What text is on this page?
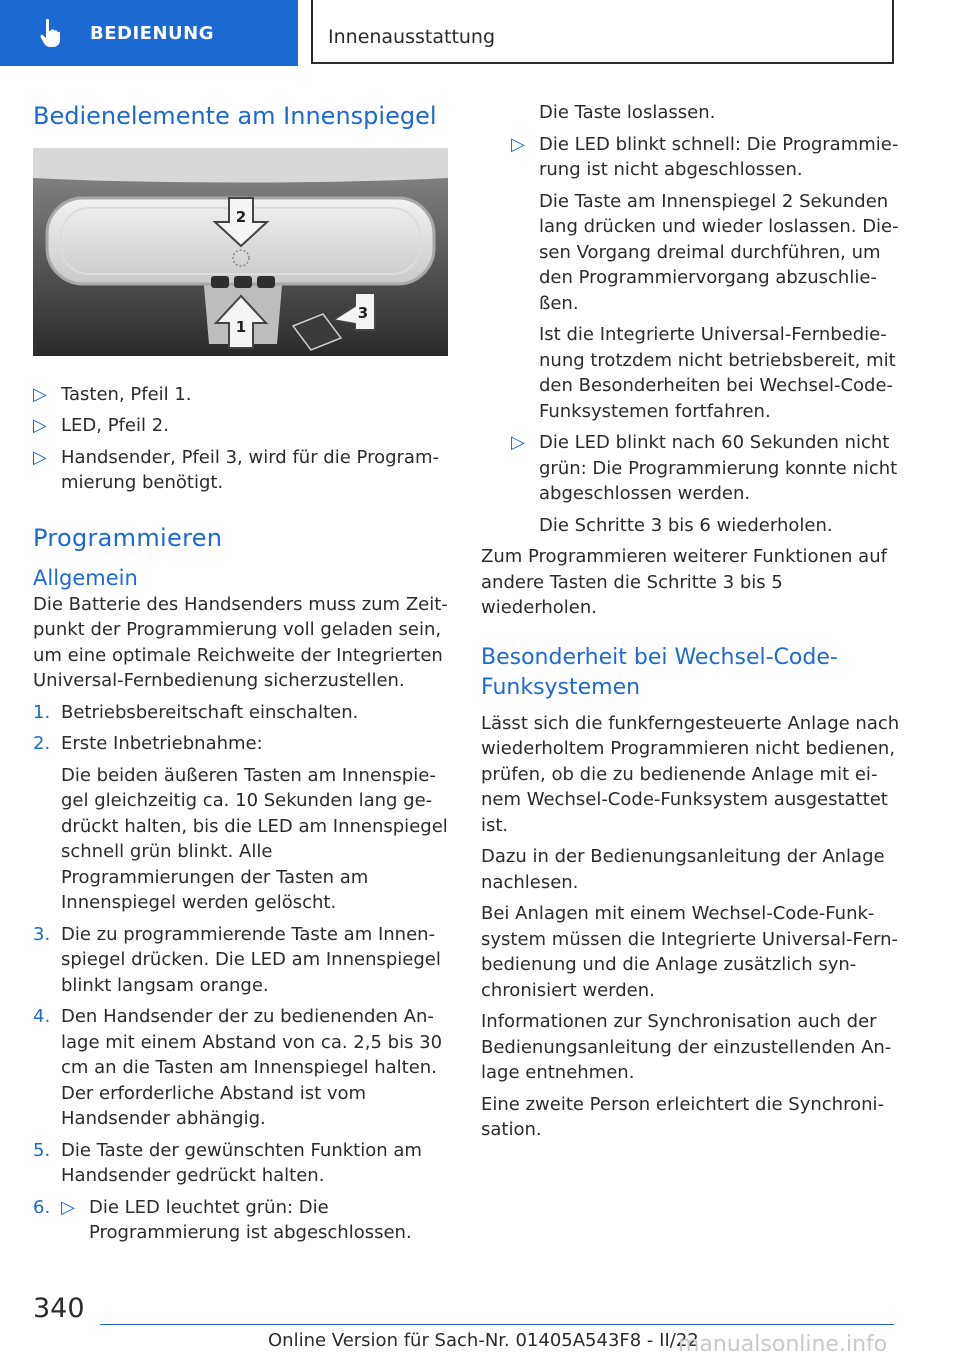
BEDIENUNG	Innenausstattung
Bedienelemente am Innenspiegel
2
1
3
▷ Tasten, Pfeil 1.
▷ LED, Pfeil 2.
▷ Handsender, Pfeil 3, wird für die Programmierung benötigt.
Programmieren
Allgemein

Die Batterie des Handsenders muss zum Zeitpunkt der Programmierung voll geladen sein, um eine optimale Reichweite der Integrierten Universal-Fernbedienung sicherzustellen.

1. Betriebsbereitschaft einschalten.
2. Erste Inbetriebnahme:

Die beiden äußeren Tasten am Innenspiegel gleichzeitig ca. 10 Sekunden lang gedrückt halten, bis die LED am Innenspiegel schnell grün blinkt. Alle Programmierungen der Tasten am Innenspiegel werden gelöscht.

3. Die zu programmierende Taste am Innenspiegel drücken. Die LED am Innenspiegel blinkt langsam orange.
4. Den Handsender der zu bedienenden Anlage mit einem Abstand von ca. 2,5 bis 30 cm an die Tasten am Innenspiegel halten. Der erforderliche Abstand ist vom Handsender abhängig.
5. Die Taste der gewünschten Funktion am Handsender gedrückt halten.
6. ▷ Die LED leuchtet grün: Die Programmierung ist abgeschlossen.

Die Taste loslassen.

▷ Die LED blinkt schnell: Die Programmierung ist nicht abgeschlossen.

Die Taste am Innenspiegel 2 Sekunden lang drücken und wieder loslassen. Diesen Vorgang dreimal durchführen, um den Programmiervorgang abzuschließen.

Ist die Integrierte Universal-Fernbedienung trotzdem nicht betriebsbereit, mit den Besonderheiten bei Wechsel-Code-Funksystemen fortfahren.

▷ Die LED blinkt nach 60 Sekunden nicht grün: Die Programmierung konnte nicht abgeschlossen werden.

Die Schritte 3 bis 6 wiederholen.

Zum Programmieren weiterer Funktionen auf andere Tasten die Schritte 3 bis 5 wiederholen.

Besonderheit bei Wechsel-Code-Funksystemen

Lässt sich die funkferngesteuerte Anlage nach wiederholtem Programmieren nicht bedienen, prüfen, ob die zu bedienende Anlage mit einem Wechsel-Code-Funksystem ausgestattet ist.

Dazu in der Bedienungsanleitung der Anlage nachlesen.

Bei Anlagen mit einem Wechsel-Code-Funksystem müssen die Integrierte Universal-Fernbedienung und die Anlage zusätzlich synchronisiert werden.

Informationen zur Synchronisation auch der Bedienungsanleitung der einzustellenden Anlage entnehmen.

Eine zweite Person erleichtert die Synchronisation.

340
Online Version für Sach-Nr. 01405A543F8 - II/22
manualsonline.info
